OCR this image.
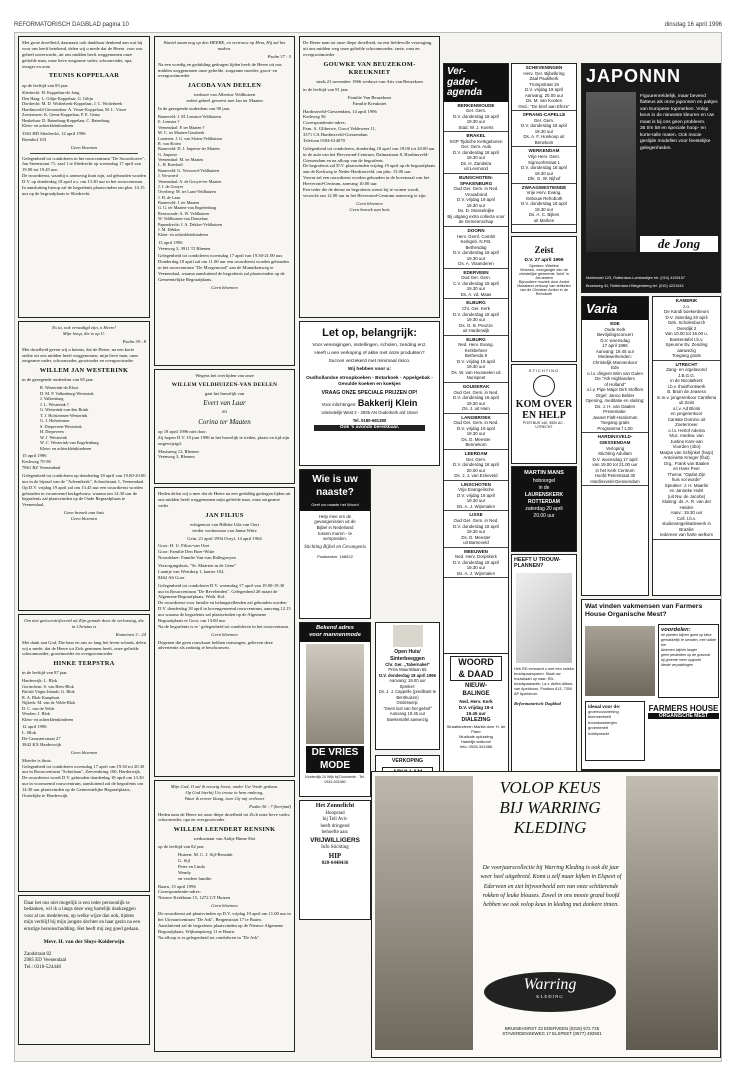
REFORMATORISCH DAGBLAD pagina 10	dinsdag 16 april 1996

Met grote droefheid, daarnaast ook dankbaar denkend aan wat hij voor ons heeft betekend, delen wij u mede dat de Heere, voor ons geheel onverwacht, uit ons midden heeft weggenomen onze geliefde man, onze lieve zorgzame vader, schoonvader, opa, zwager en oom

TEUNIS KOPPELAAR

op de leeftijd van 83 jaar.

Sliedrecht: H. Koppelaar-de Jong
Den Haag: L. Gilijn-Koppelaar, G. Gilijn
Dordrecht: M. D. Wolterbeek-Koppelaar, J. C. Wolterbeek
Hardinxveld-Giessendam: A. Visser-Koppelaar, M. L. Visser
Zoetermeer: K. Gemz-Koppelaar, P. E. Gemz
Heukelum: D. Batenburg-Koppelaar, C. Batenburg
Klein- en achterkleinkinderen

3363 HD Sliedrecht, 12 april 1996
Riemhof 103

Geen bloemen

Gelegenheid tot condoleren in het rouwcentrum "De Stouwhoeve", Jan Steenstraat 71, zaal 1 te Sliedrecht op woensdag 17 april van 19.00 tot 19.45 uur.
De rouwdienst, waarbij u aanwezig kunt zijn, zal gehouden worden D.V. op donderdag 18 april a.s. om 13.30 uur in het rouwcentrum.
In aansluiting hierop zal de begrafenis plaatsvinden om plm. 14.15 uur op de begraafplaats te Sliedrecht.

Ex ta, ook verzadigd zijn, o Heere!
Mijn hoop, die is op U.

Psalm 39 : 8

Met droefheid geven wij u kennis, dat de Heere, na een korte ziekte uit ons midden heeft weggenomen, mijn lieve man, onze zorgzame vader, schoonvader, grootvader en overgrootvader

WILLEM JAN WESTERINK

in de gezegende ouderdom van 85 jaar.

R. Westerink-de Kloot
D. M. P. Valkenburg-Westerink
J. Valkenburg
J. L. Westerink †
G. Westerink-van den Brink
T. J. Holsteinsen-Westerink
G. J. Holsteinsen
S. Diepeveen-Westerink
H. Diepeveen
W. J. Westerink
W. C. Westerink-van Engelenburg
Klein- en achterkleinkinderen

15 april 1996
Kerkweg 70-58
7861 RZ Veenendaal

Gelegenheid tot condoleren op donderdag 18 april van 19.00-20.00 uur in de bijzaal van de "Adventkerk", Schoolstraat 1, Veenendaal.
Op D.V. vrijdag 19 april zal om 13.45 uur een rouwdienst worden gehouden in voornoemd kerkgebouw, waarna om 14.30 uur de begrafenis zal plaatsvinden op de Oude Begraafplaats te Veenendaal.

Geen bezoek aan huis
Geen bloemen

Om niet geëccentrificeerd uit Zijn genade door de verlossing, die in Christus is

Romeinen 3 : 24

Met dank aan God, Die haar en ons zo lang het leven schonk, delen wij u mede, dat de Heere tot Zich genomen heeft, onze geliefde schoonmoeder, grootmoeder en overgrootmoeder

HINKE TERPSTRA

in de leeftijd van 87 jaar.

Harderwijk: L. Blok
Gorinchem: S. van Hees-Blok
British Virgin Islands: G. Blok
R. A. Blok-Kamphuis
Nijkerk: M. van de Velde-Blok
D. C. van de Velde
Worden: J. Blok
Klein- en achterkleinkinderen

12 april 1996
L. Blok
De Gezusterstraat 27
3842 KX Harderwijk

Geen bloemen

Moeder is thuis.
Gelegenheid tot condoleren woensdag 17 april van 19.30 tot 20.30 uur in Rouwcentrum "Schotlaan", Zeevenkring 100, Harderwijk. De rouwdienst wordt D.V. gehouden donderdag 18 april om 13.30 uur in voornoemd rouwcentrum, aansluitend zal de begrafenis om 14.30 uur plaatsvinden op de Gemeentelijke Begraafplaats, Oostelijke te Harderwijk.

Daar het ons niet mogelijk is een ieder persoonlijk te bedanken, wil ik u langs deze weg hartelijk dankzeggen voor al uw medeleven, op welke wijze dan ook, tijdens mijn verblijf bij mijn jongste dochter en haar gezin na een ernstige hersenschudding. Het heeft mij zeg goed gedaan.

Mevr. H. van der Sluys-Kolderwijn

Zandstraat 82
2985 ED Veenendaal
Tel.: 0318-524448

Wantel zaam nog op den HEERE, en vertrouw op Hem, Hij zal het maken.

Psalm 37 : 5

Na een woedig en gedulding gedragen lijden heeft de Heere uit ons midden weggenomen onze geliefde, zorgzame moeder, groot- en overgrootmoeder

JACOBA VAN DEELEN

weduwe van Albertus Veldhuizen
sedert geheel geweest met Jan ter Maaten

In de gezegende ouderdom van 90 jaar.

Barneveld: J. M. Lemstra-Veldhuizen
E. Lemstra †
Veenendaal: P. ter Maaten †
M. C. ter Maaten-Gaasbeek
Lunteren: J. G. van Sloten-Veldhuizen
R. van Sloten
Barneveld: D. J. Jasperse-ter Maaten
G. Jasperse
Veenendaal: M. ter Maaten
L. H. Boerhoff
Barneveld: G. Verwoerd-Veldhuizen
J. Verwoerd
Veenendaal: A. de Gooyer-ter Maaten
J. J. de Gooyer
Overberg: M. ter Laan-Veldhuizen
J. H. de Laan
Barneveld: J. ter Maaten
G. G. ter Maaten-van Engelenburg
Renswoude: A. W. Veldhuizen
W. Veldhuizen-van Donselaar
Papendrecht: J. A. Dekker-Veldhuizen
J. M. Dekker
Klein- en achterkleinkinderen

13 april 1996
Veenweg 3, 3911 TJ Rhenen

Gelegenheid tot condoleren woensdag 17 april van 19.30-21.00 uur. Donderdag 18 april zal om 11.00 uur een rouwdienst worden gehouden in het rouwcentrum "De Morgenrood" aan de Munnikenweg te Veenendaal, waarna aansluitend de begrafenis zal plaatsvinden op de Gemeentelijke Begraafplaats.

Geen bloemen

Wegens het overlijden van onze

WILLEM VELDHUIZEN-VAN DEELEN

gaat het huwelijk van

Evert van Laar

en

Corina ter Maaten

op 18 april 1996 niet door.
Zij hopen D.V. 19 juni 1996 in het huwelijk te treden, plaats en tijd zijn ongewijzigd.

Maststeeg 12, Rhenen
Veenweg 3, Rhenen

Heden delen wij u mee dat de Heere na een geduldig gedragen lijden uit ons midden heeft weggenomen mijn geliefde man, onze zorgzame vader

JAN FILIUS

echtgenoot van Hilleke Uda van Oort
eerder weduwnaar van Janna Witte

Gein, 21 april 1994 Ooryl, 14 april 1964

Goor: H. U. Filius-van Oort
Goor: Familie Den Boer-Witte
Noordelaer: Familie Van-van Ballegooyen

Verzorgingshuis, "St. Maarten in de Gene"
Laantje van Westdorp 1, kamer 102,
8462 AS Goor

Gelegenheid tot condoleren D.V. woensdag 17 april van 19.00-19.30 uur in Rouwcentrum "De Revelenden". Gelegenheid 20 maart de Algemene Begraafplaats, Weth. Kol.
De rouwdienst voor familie en belangstellenden zal gehouden worden D.V. donderdag 18 april in bovengenoemd rouwcentrum, aanvang 12.15 uur waarna de begrafenis zal plaatsvinden op de Algemene Begraafplaats te Goor, om 13.00 uur.
Na de begrafenis is er ' gelegenheid tot condoleren in het rouwcentrum.

Geen bloemen

Degenen die geen rouwkaart hebben ontvangen, gelieven deze advertentie als zodanig te beschouwen.

Mijn God, O zal ik eeuwig loven, onder Uw Vrede gedaan.
Op God hierbij Uw trouw in hem omhoog,
Waar ik erover klaag, toen Gij mij verhoort

Psalm 56 : 7 (berijmd)

Heden nam de Heere tot onze diepe droefheid tot Zich onze lieve vader, schoonvader, opa en overgrootvader

WILLEM LEENDERT RENSINK

weduwnaar van Aaltje Binne Slot

op de leeftijd van 82 jaar.

Huizen: M. C. J. Sijl-Rensink
G. Sijl
Peter en Linda
Wendy
en verdere familie

Baarn, 15 april 1996
Correspondentie-adres:
Nieuwe Kerkbaan 15, 1272 GT Huizen

Geen bloemen

De rouwdienst zal plaatsvinden op D.V. vrijdag 19 april om 11.00 uur in het Uitvaartcentrum "De Ark", Beigenstraat 17 te Baarn.
Aansluitend zal de begrafenis plaatsvinden op de Nieuwe Algemene Begraafplaats, Wijkampsteeg 11 te Baarn.
Na afloop is er gelegenheid tot condoleren in "De Ark".

De Heere nam tot onze diepe droefheid, na een liefdevolle verzorging, uit ons midden weg onze geliefde schoonmoeder, tante, oma en overgrootmoeder

GOUWKE VAN BEUZEKOM-KREUKNIET

sinds 21 november 1966 weduwe van Aris van Beuzekom

in de leeftijd van 91 jaar.

Familie Van Beuzekom
Familie Kreukniet

Hardinxveld-Giessendam, 14 april 1996
Kerkweg 56
Correspondentie-adres:
Fam. A. Gliberwe, Groot Veldeweer 11,
3371 CA Hardinxveld-Giessendam
Telefoon 0184-614070

Gelegenheid tot condoleren, donderdag 18 april van 19.00 tot 20.00 uur in de aula van het Herverond-Centrum, Dalmaatraat 8, Hardinxveld-Giessendam en na afloop van de begrafenis.
De begrafenis zal D.V. plaatsvinden vrijdag 19 april op de begraafplaats aan de Kerkweg te Neder-Hardinxveld, om plm. 13.00 uur.
Voorat zal een rouwdienst worden gehouden in de bovenzaal van het Herverond-Centrum, aanvang 10.00 uur.
Een ieder die de dienst en begrafenis wenst bij te wonen wordt, verzocht om 12.00 uur in het Herverond-Centrum aanwezig te zijn.

Geen bloemen
Geen bezoek aan huis

Let op, belangrijk:

Voor verenigingen, instellingen, scholen, zending enz.

Heeft u een verkoping of aktie met onze produkten?

Succes verzekerd met minimaal risico.

Wij hebben voor u:

Oudhollandse stroopkoeken - Botarkoek - Appelgebak - Gevulde koeken en koekjes

VRAAG ONZE SPECIALE PRIJZEN OP!

Voor inlichtingen: Bakkerij Klein

Uiteindelijk West 2 - 2935 AN Ouderkerk a/d IJssel

Tel. 0180-681380

Ook 's avonds bereikbaar.

Wie is uw
naaste?
Geef uw naaste het Woord

Help mee om de gevangenissen uit de Bijbel in Nederland tussen muren - te verspreiden.

Stichting Bijbel en Gevangenis

Postbanknr. 168522

Bekend adres
voor mannenmode
DE VRIES
MODE

Kinderdijk 24 Wijk bij Duurstede - Tel. 0343-532380

Open Huis/

Sinterbeeggen

Chr. Ger. „Tabernakel"

Prins Mauritslaan 55

D.V. donderdag 18 april 1996

Aanvang: 19.00 uur

Spreker:

Ds. J. J. Cappelle (predikant te Benthuizen)

Onderwerp:

"Geen last van het geloof"

Aanvang 19.45 uur
Boekentafel aanwezig

Het Zonnelicht

Hoopstad

bij Tell Aviv

heeft dringend

behoefte aan:

VRIJWILLIGERS

Info Stichting

HIP

020-6448436

VERKOPING

Ver-
gader-
agenda
BERKENWOUDE
Ger. Gem.
D.V. donderdag 18 april
19.30 uur
Stad: W. J. Koerts
BRAKEL
SGP Tijdsche Kerkgeboren Ger. Gem. Aula
D.V. donderdag 18 april
19.30 uur
Ds. H. Zandstra
uit Lexmond
BUNSCHOTEN-SPAKENBURG
Oud Ger. Gem. in Ned.
Vrouwbond
D.V. vrijdag 19 april
19.30 uur
Ds. D. Mosselnijke
Bij uitgang extra collecte voor de Gemeenschap
DOORN
Herv. Gemf. Combiï
Kerkgeb. N.P.B.
Bethesdag
D.V. donderdag 18 april
19.30 uur
Ds. A. Vlaanderen
EDERVEEN
Oud Ger. Gem.
C.V. donderdag 18 april
19.30 uur
Ds. A. vd. Maas
ELBURG
Chr. Ger. Kerk
D.V. donderdag 18 april
19.30 uur
Ds. G. B. Peuzze
uit Harderwijk
ELBURG
Ned. Herv. Evang.
Kerkbeheer
Bethesda 9
D.V. vrijdag 19 april
19.30 uur
Ds. W. van Hooseelen uit Nunspeet
GOUDERAK
Oud Ger. Gem. in Ned.
D.V. donderdag 18 april
19.30 uur
Ds. J. uit Ham
LANGBROEK
Oud Ger. Gem. in Ned.
D.V. vrijdag 19 april
19.30 uur
Ds. D. Meester
Bennekom
LEERDAM
Ger. Gem.
D.V. donderdag 18 april
20.00 uur
Ds. J. J. van Eckeveld
LINSCHOTEN
Vrije Evangelische
D.V. vrijdag 19 april
19.30 uur
Ds. A. J. Wijnmalen
LISSE
Oud Ger. Gem. in Ned.
D.V. donderdag 18 april
19.30 uur
Ds. D. Meester
uit Barneveld
MEEUWEN
Ned. Herv. Dorpskerk
D.V. donderdag 18 april
19.30 uur
Ds. A. J. Wijnmalen
SCHEVENINGEN
Herv. Ger. Bijbelkring
Zaal Pauliïkerk
Trompstraat 19
D.V. vrijdag 19 april
Aanvang: 20.00 uur
Ds. M. van Kooten
Ond.: "De brief aan Efeze"
SPRANG-CAPELLE
Ger. Gem.
D.V. donderdag 18 april
19.30 uur
Ds. A. F. Honkoop uit Benekom
WERKENDAM
Vrije Herv. Gem.
Sigmonhstraat 1
D.V. donderdag 18 april
19.30 uur
Dhr. G. W. Nijhof
ZWAAGWESTEINDE
Vrije Herv. Evang.
Gebouw Rehoboth
D.V. donderdag 18 april
19.30 uur
Ds. A. C. Bijkes
uit Marken
Zeist

D.V. 27 april 1996

Spreker: Wiebbe

Woenes, voorganger van de christelijke gemeente 'Ariel' in Jeruzalem

Bijzondere muziek door André Maasland verkoop van artikelen van de Christian Action in de Rehoboth

STICHTING

KOM OVER

EN HELP

POSTBUS 140, 3500 AC - UTRECHT

MARTIN MANS

hoboorgel

in de

LAURENSKERK

ROTTERDAM

zaterdag 20 april

20.00 uur

HEEFT U TROUW-

PLANNEN?

Heb RD verwacht u met een unieke bruidspaarsparen. Staat uw trouwkaart op naar: RD-bruidspaaractie, t.a.v. Aletta Uitkes-van Apeldoorn, Postbus 613, 7300 AP Apeldoorn.

Reformatorisch Dagblad

WOORD

& DAAD

NIEUW-

BALINGE

Ned. Herv. Kerk

D.V. vrijdag 19-4

19.45 uur

DIALEZING

Straatkinderen Manila door H. de Pater
Muzikale opluisting
Hartelijk welkom!
Info: 0528-341386

JAPONNN

Figuurenreldelijk, maar bevend flatteus als onze japonnen en pakjes van Europese topmerken. Volop keus in de nieuwste kleuren en Uw maat is bij ons geen probleem.
36 t/m 58 en speciale hoop- en korte-talle maten. Ook mooie geslijde modellen voor feestelijke gelegenheden.

de Jong

Mollenwiel 123, Rotterdam-Lombardijen tel. (010) 4193157

Broekweg 41, Rotterdam-Hillegersberg tel. (010) 4221943

Varia
EDE
Oude Kerk
Bevrijdingsconcert
D.V. woensdag
17 april 1996
Aanvang: 19.45 uur
Medewerkenden:
Christelijk Mannenkoor
Ede
o.l.v. dirigent Wim van Gulen
De "Ath Highlanders
of Holland"
o.l.v. Pipe Major Dirk Stoffers
Orgel: Janco Belder
Opening, meditatie en sluiting:
Ds. J. H. van Daalen
Presentatie:
Jeanet Flaft-Hardeman
Toegang gratis
Programma f 1,00
HARDINXVELD-GIESSENDAM
Verloping
Stichting Adullam
D.V. woensdag 17 april
van 19.00 tot 21.00 uur
in het Kerk Centrum
Hoofd Peterstraat 30
Hardinxveld-Giessendam
KAMERIK
z.o.
De Kandi boekenbeurs
D.V. zaterdag 20 april
Geb. Scholenburch
Overdijk 2
Van 10.00 tot 16.00 u.
Boekentafel t.b.v.
Speunne Ev. Zending
aanwezig
Toegang gratis
UTRECHT
Zang- en orgelavond
J.B.G.G.
in de Nicolaïkerk
t.b.v. thuisfrontwerk
B. Bruin de Jeasera
m.m.v. jongerenkoor Cantilena uit Zeist
o.l.v. Ad Blonk
en jongerenkoor
Cantate Domino uit
Zoetermeer
o.l.v. Herlof Adema
Muz. medew. van
Justine Kars-van
Voorden (obo)
Marjan van Schijnkel (harp)
Antoinette Krieger (fluit)
Org.: Frank van Baalen
en Hans Peer
Thema: "Opdat Zijn
huis vol worde"
Speaker: J. H. Maarlin
en Janneke Hulst
(uit Nw. de Jacobs)
Sluiting: ds. A. R. van der Heiden
Aanv.: 19.30 uur
Coll. t.b.v.
studievangelisatiewerk in Brazilië
Iedereen van harte welkom

Wat vinden vakmensen van Farmers House Organische Mest?

voordelen:

de planten blijven goed op kleur
gemakkelijk te strooien, met vlakte toe
bloemen blijven langer
geen pesticiden op de grasmat
bij groente meer opgroeit
ideale verpakkingen

ideaal voor de:

groenvoorziening
bloementeelt
boomkwekerijen
groentenelt
hobbymarkt

FARMERS HOUSE
ORGANISCHE MEST
VOLOP KEUS
BIJ WARRING
KLEDING

De voorjaarscollectie bij Warring Kleding is ook dit jaar weer heel uitgebreid. Komt u zelf maar kijken in Elspeet of Ederveen en ziet bijvoorbeeld een van onze schitterende rokken of leuke blouses. Zowel in ons mooie grand hoofd hebben we ook volop keus in kleding met donkere tinten.

Warring
KLEDING

BRUINEHORST 23 EDERVEEN (0318) 572 725
STAVERDENSEWEG 17 ELSPEET (0577) 492501
